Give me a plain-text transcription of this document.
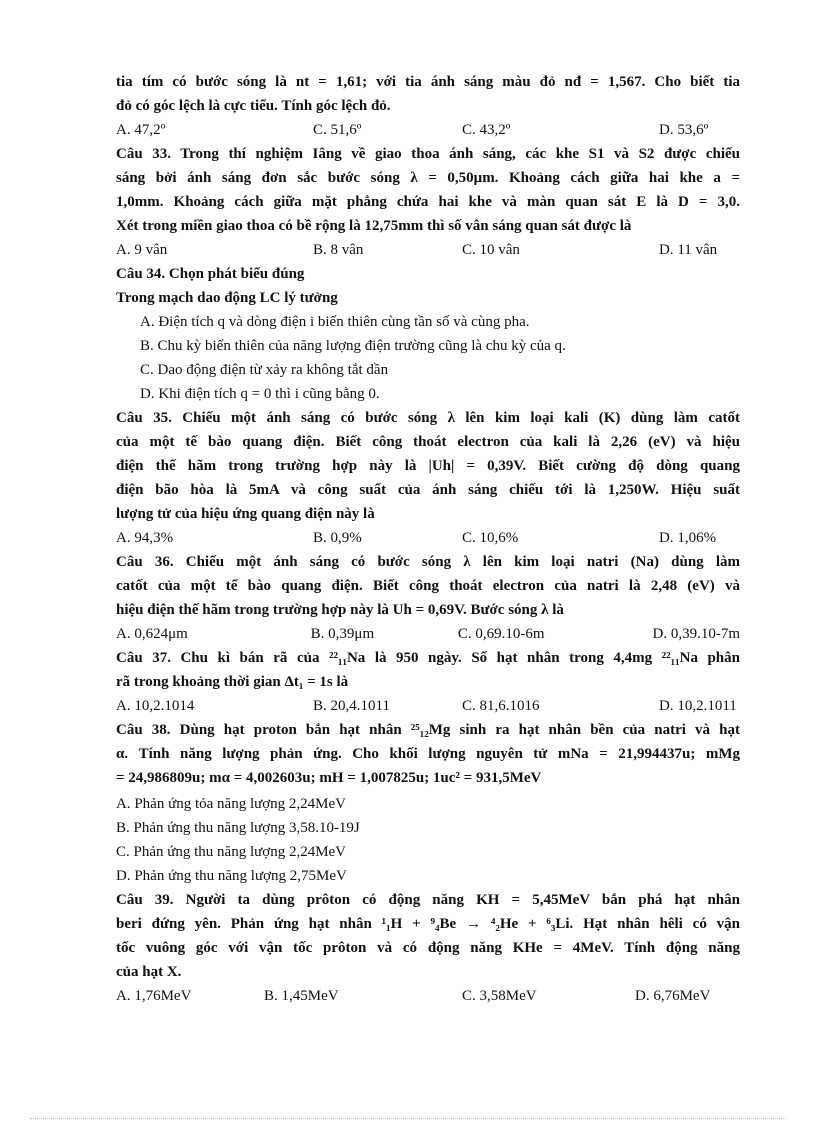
tia tím có bước sóng là nt = 1,61; với tia ánh sáng màu đỏ nđ = 1,567. Cho biết tia
đỏ có góc lệch là cực tiểu. Tính góc lệch đỏ.
A. 47,2º	C. 51,6º	C. 43,2º	D. 53,6º
Câu 33. Trong thí nghiệm Iâng về giao thoa ánh sáng, các khe S1 và S2 được chiếu
sáng bởi ánh sáng đơn sắc bước sóng λ = 0,50μm. Khoảng cách giữa hai khe a =
1,0mm. Khoảng cách giữa mặt phẳng chứa hai khe và màn quan sát E là D = 3,0.
Xét trong miền giao thoa có bề rộng là 12,75mm thì số vân sáng quan sát được là
A. 9 vân	B. 8 vân	C. 10 vân	D. 11 vân
Câu 34. Chọn phát biểu đúng
Trong mạch dao động LC lý tưởng
A. Điện tích q và dòng điện i biến thiên cùng tần số và cùng pha.
B. Chu kỳ biến thiên của năng lượng điện trường cũng là chu kỳ của q.
C. Dao động điện từ xảy ra không tắt dần
D. Khi điện tích q = 0 thì i cũng bằng 0.
Câu 35. Chiếu một ánh sáng có bước sóng λ lên kim loại kali (K) dùng làm catốt
của một tế bào quang điện. Biết công thoát electron của kali là 2,26 (eV) và hiệu
điện thế hãm trong trường hợp này là |Uh| = 0,39V. Biết cường độ dòng quang
điện bão hòa là 5mA và công suất của ánh sáng chiếu tới là 1,250W. Hiệu suất
lượng tử của hiệu ứng quang điện này là
A. 94,3%	B. 0,9%	C. 10,6%	D. 1,06%
Câu 36. Chiếu một ánh sáng có bước sóng λ lên kim loại natri (Na) dùng làm
catốt của một tế bào quang điện. Biết công thoát electron của natri là 2,48 (eV) và
hiệu điện thế hãm trong trường hợp này là Uh = 0,69V. Bước sóng λ là
A. 0,624μm	B. 0,39μm	C. 0,69.10-6m	D. 0,39.10-7m
Câu 37. Chu kì bán rã của ²²₁₁Na là 950 ngày. Số hạt nhân trong 4,4mg ²²₁₁Na phân
rã trong khoảng thời gian Δt₁ = 1s là
A. 10,2.1014	B. 20,4.1011	C. 81,6.1016	D. 10,2.1011
Câu 38. Dùng hạt proton bắn hạt nhân ²⁵₁₂Mg sinh ra hạt nhân bền của natri và hạt
α. Tính năng lượng phản ứng. Cho khối lượng nguyên tử mNa = 21,994437u; mMg
= 24,986809u; mα = 4,002603u; mH = 1,007825u; 1uc² = 931,5MeV
A. Phản ứng tỏa năng lượng 2,24MeV
B. Phản ứng thu năng lượng 3,58.10-19J
C. Phản ứng thu năng lượng 2,24MeV
D. Phản ứng thu năng lượng 2,75MeV
Câu 39. Người ta dùng prôton có động năng KH = 5,45MeV bắn phá hạt nhân
beri đứng yên. Phản ứng hạt nhân ¹₁H + ⁹₄Be → ⁴₂He + ⁶₃Li. Hạt nhân hêli có vận
tốc vuông góc với vận tốc prôton và có động năng KHe = 4MeV. Tính động năng
của hạt X.
A. 1,76MeV	B. 1,45MeV	C. 3,58MeV	D. 6,76MeV
